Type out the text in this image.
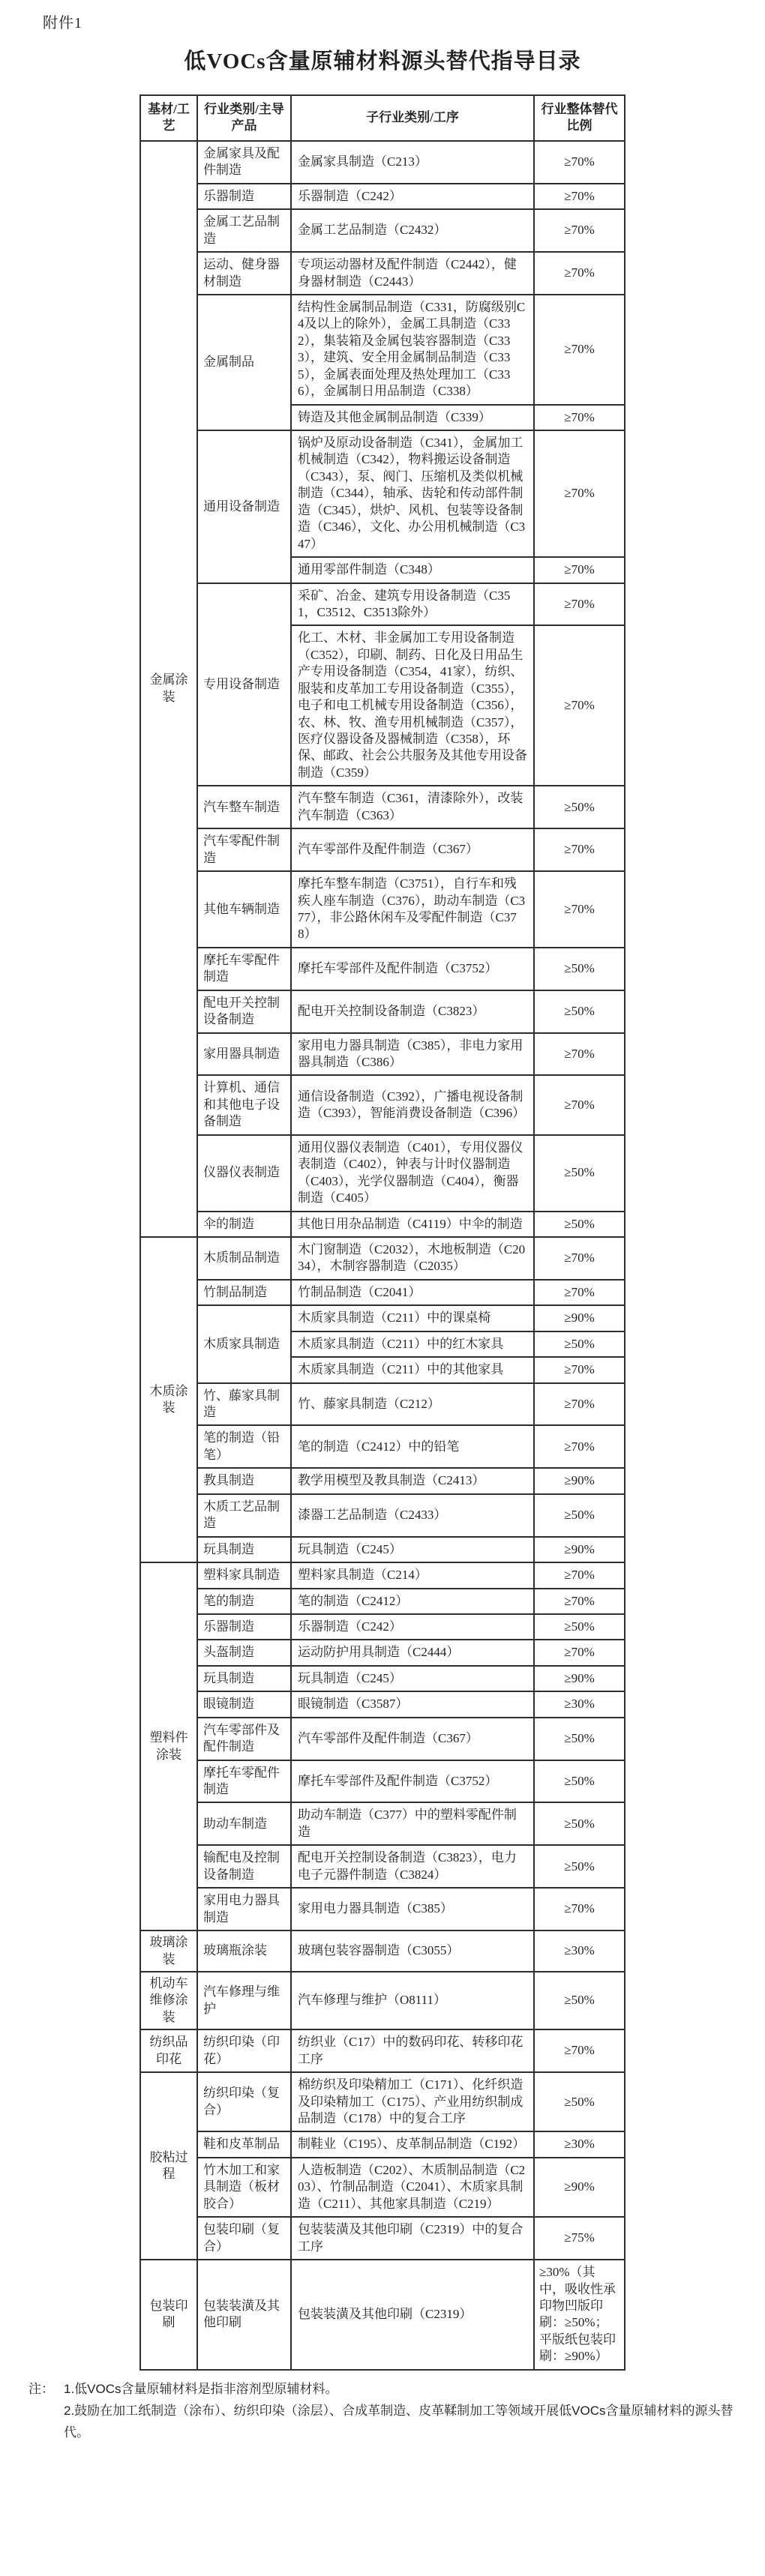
附件1
低VOCs含量原辅材料源头替代指导目录
基材/工艺	行业类别/主导产品	子行业类别/工序	行业整体替代比例
金属涂装	金属家具及配件制造	金属家具制造（C213）	≥70%
	乐器制造	乐器制造（C242）	≥70%
	金属工艺品制造	金属工艺品制造（C2432）	≥70%
	运动、健身器材制造	专项运动器材及配件制造（C2442），健身器材制造（C2443）	≥70%
	金属制品	结构性金属制品制造（C331，防腐级别C4及以上的除外），金属工具制造（C332），集装箱及金属包装容器制造（C333），建筑、安全用金属制品制造（C335），金属表面处理及热处理加工（C336），金属制日用品制造（C338）	≥70%
		铸造及其他金属制品制造（C339）	≥70%
	通用设备制造	锅炉及原动设备制造（C341），金属加工机械制造（C342），物料搬运设备制造（C343），泵、阀门、压缩机及类似机械制造（C344），轴承、齿轮和传动部件制造（C345），烘炉、风机、包装等设备制造（C346），文化、办公用机械制造（C347）	≥70%
		通用零部件制造（C348）	≥70%
	专用设备制造	采矿、冶金、建筑专用设备制造（C351，C3512、C3513除外）	≥70%
		化工、木材、非金属加工专用设备制造（C352），印刷、制药、日化及日用品生产专用设备制造（C354，41家），纺织、服装和皮革加工专用设备制造（C355），电子和电工机械专用设备制造（C356），农、林、牧、渔专用机械制造（C357），医疗仪器设备及器械制造（C358），环保、邮政、社会公共服务及其他专用设备制造（C359）	≥70%
	汽车整车制造	汽车整车制造（C361，清漆除外），改装汽车制造（C363）	≥50%
	汽车零配件制造	汽车零部件及配件制造（C367）	≥70%
	其他车辆制造	摩托车整车制造（C3751），自行车和残疾人座车制造（C376），助动车制造（C377），非公路休闲车及零配件制造（C378）	≥70%
	摩托车零配件制造	摩托车零部件及配件制造（C3752）	≥50%
	配电开关控制设备制造	配电开关控制设备制造（C3823）	≥50%
	家用器具制造	家用电力器具制造（C385），非电力家用器具制造（C386）	≥70%
	计算机、通信和其他电子设备制造	通信设备制造（C392），广播电视设备制造（C393），智能消费设备制造（C396）	≥70%
	仪器仪表制造	通用仪器仪表制造（C401），专用仪器仪表制造（C402），钟表与计时仪器制造（C403），光学仪器制造（C404），衡器制造（C405）	≥50%
	伞的制造	其他日用杂品制造（C4119）中伞的制造	≥50%
木质涂装	木质制品制造	木门窗制造（C2032），木地板制造（C2034），木制容器制造（C2035）	≥70%
	竹制品制造	竹制品制造（C2041）	≥70%
	木质家具制造	木质家具制造（C211）中的课桌椅	≥90%
		木质家具制造（C211）中的红木家具	≥50%
		木质家具制造（C211）中的其他家具	≥70%
	竹、藤家具制造	竹、藤家具制造（C212）	≥70%
	笔的制造（铅笔）	笔的制造（C2412）中的铅笔	≥70%
	教具制造	教学用模型及教具制造（C2413）	≥90%
	木质工艺品制造	漆器工艺品制造（C2433）	≥50%
	玩具制造	玩具制造（C245）	≥90%
塑料件涂装	塑料家具制造	塑料家具制造（C214）	≥70%
	笔的制造	笔的制造（C2412）	≥70%
	乐器制造	乐器制造（C242）	≥50%
	头盔制造	运动防护用具制造（C2444）	≥70%
	玩具制造	玩具制造（C245）	≥90%
	眼镜制造	眼镜制造（C3587）	≥30%
	汽车零部件及配件制造	汽车零部件及配件制造（C367）	≥50%
	摩托车零配件制造	摩托车零部件及配件制造（C3752）	≥50%
	助动车制造	助动车制造（C377）中的塑料零配件制造	≥50%
	输配电及控制设备制造	配电开关控制设备制造（C3823），电力电子元器件制造（C3824）	≥50%
	家用电力器具制造	家用电力器具制造（C385）	≥70%
玻璃涂装	玻璃瓶涂装	玻璃包装容器制造（C3055）	≥30%
机动车维修涂装	汽车修理与维护	汽车修理与维护（O8111）	≥50%
纺织品印花	纺织印染（印花）	纺织业（C17）中的数码印花、转移印花工序	≥70%
胶粘过程	纺织印染（复合）	棉纺织及印染精加工（C171）、化纤织造及印染精加工（C175）、产业用纺织制成品制造（C178）中的复合工序	≥50%
	鞋和皮革制品	制鞋业（C195）、皮革制品制造（C192）	≥30%
	竹木加工和家具制造（板材胶合）	人造板制造（C202）、木质制品制造（C203）、竹制品制造（C2041）、木质家具制造（C211）、其他家具制造（C219）	≥90%
	包装印刷（复合）	包装装潢及其他印刷（C2319）中的复合工序	≥75%
包装印刷	包装装潢及其他印刷	包装装潢及其他印刷（C2319）	≥30%（其中，吸收性承印物凹版印刷：≥50%；平版纸包装印刷：≥90%）
注： 1.低VOCs含量原辅材料是指非溶剂型原辅材料。
2.鼓励在加工纸制造（涂布）、纺织印染（涂层）、合成革制造、皮革鞣制加工等领域开展低VOCs含量原辅材料的源头替代。
